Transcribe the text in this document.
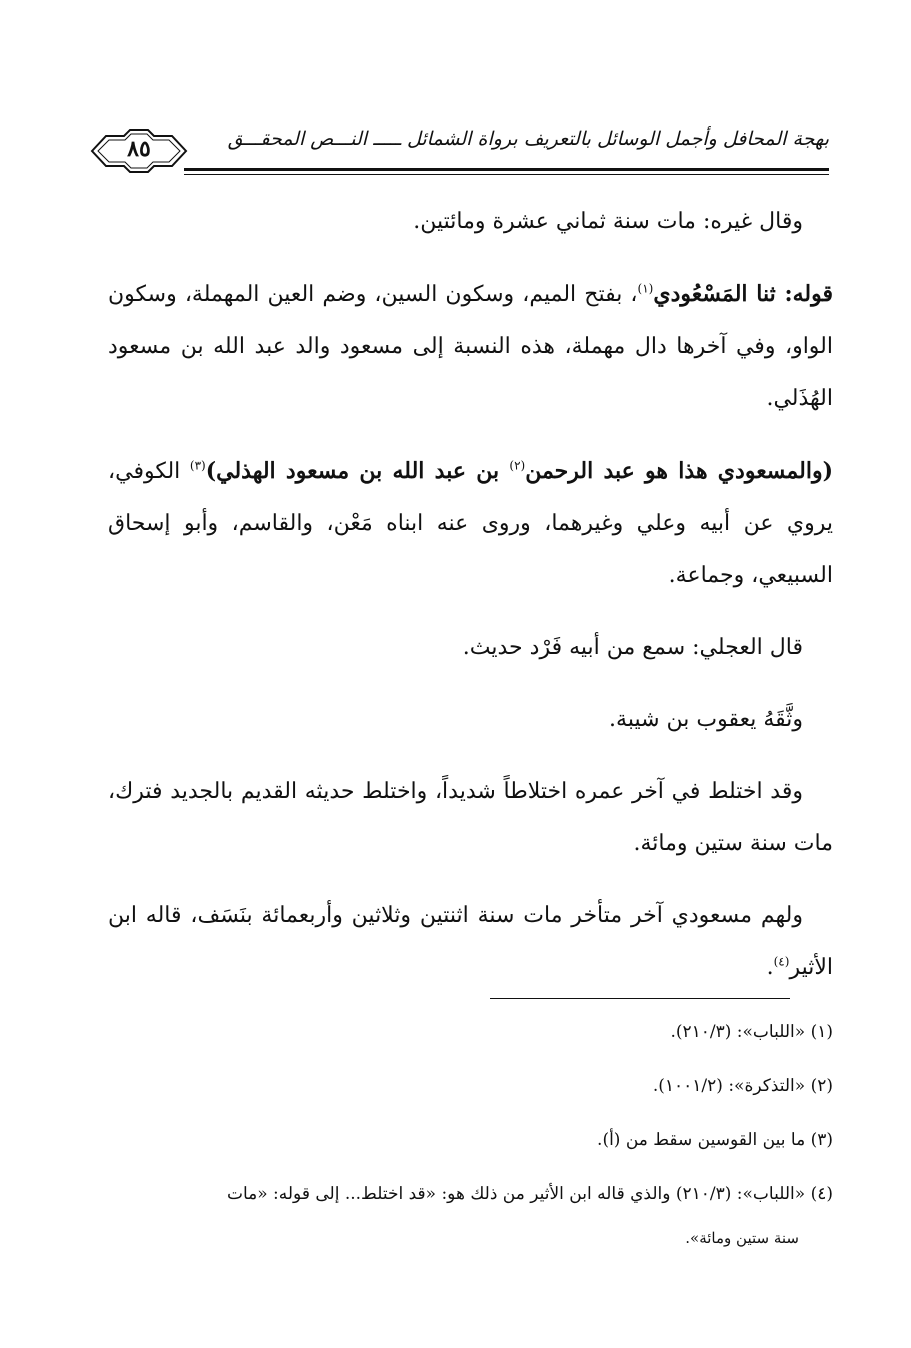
بهجة المحافل وأجمل الوسائل بالتعريف برواة الشمائل ـــــ النـــص المحقـــق
٨٥

وقال غيره: مات سنة ثماني عشرة ومائتين.

قوله: ثنا المَسْعُودي$^{(١)}$، بفتح الميم، وسكون السين، وضم العين المهملة، وسكون الواو، وفي آخرها دال مهملة، هذه النسبة إلى مسعود والد عبد الله بن مسعود الهُذَلي.

(والمسعودي هذا هو عبد الرحمن$^{(٢)}$ بن عبد الله بن مسعود الهذلي)$^{(٣)}$ الكوفي، يروي عن أبيه وعلي وغيرهما، وروى عنه ابناه مَعْن، والقاسم، وأبو إسحاق السبيعي، وجماعة.

قال العجلي: سمع من أبيه فَرْد حديث.

وثَّقَهُ يعقوب بن شيبة.

وقد اختلط في آخر عمره اختلاطاً شديداً، واختلط حديثه القديم بالجديد فترك، مات سنة ستين ومائة.

ولهم مسعودي آخر متأخر مات سنة اثنتين وثلاثين وأربعمائة بنَسَف، قاله ابن الأثير$^{(٤)}$.

(١) «اللباب»: (٢١٠/٣).
(٢) «التذكرة»: (١٠٠١/٢).
(٣) ما بين القوسين سقط من (أ).
(٤) «اللباب»: (٢١٠/٣) والذي قاله ابن الأثير من ذلك هو: «قد اختلط... إلى قوله: «مات
سنة ستين ومائة».
